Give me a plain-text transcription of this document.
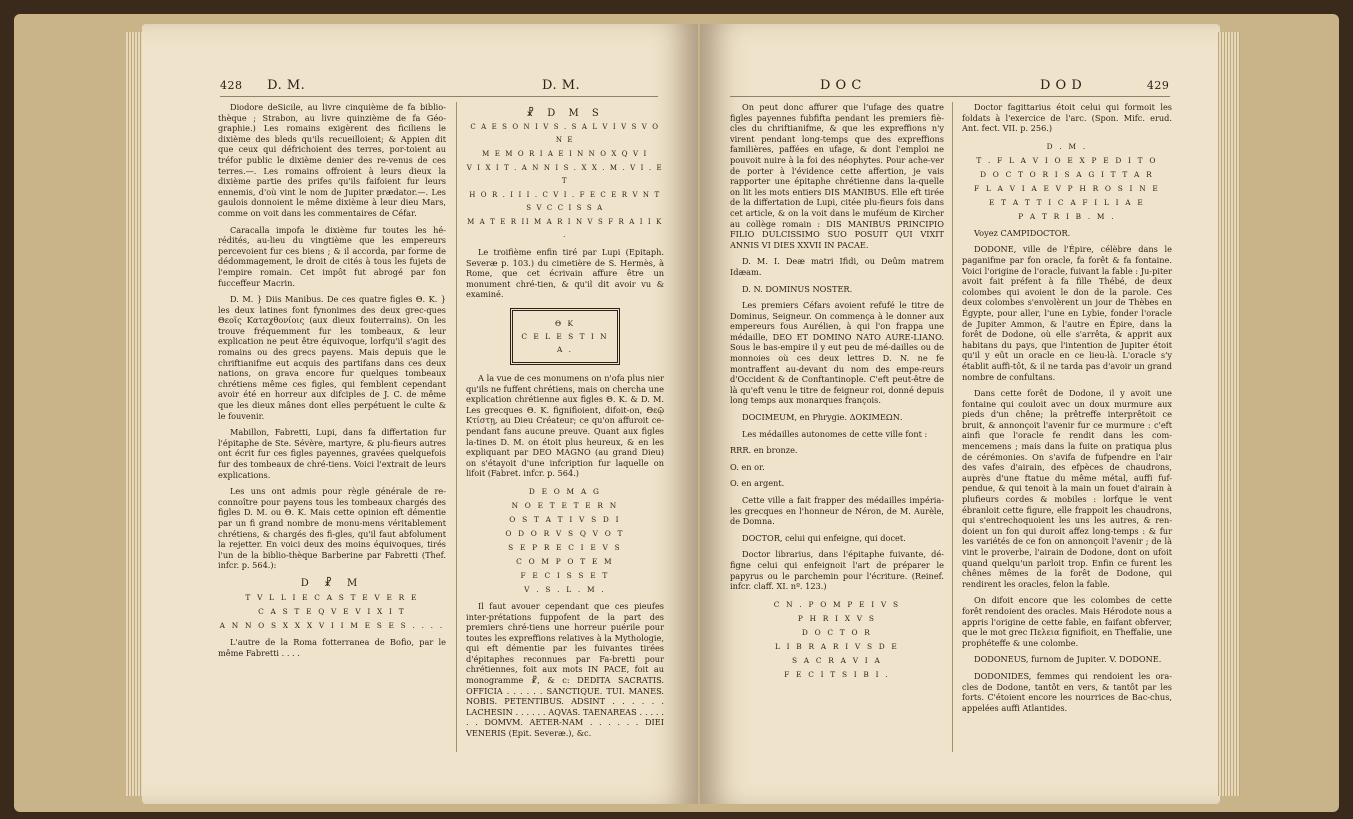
428 D. M.	D. M.

Diodore deSicile, au livre cinquième de fa biblio-thèque ; Strabon, au livre quinzième de fa Géo-graphie.) Les romains exigèrent des ficiliens le dixième des bleds qu'ils recueilloient; & Appien dit que ceux qui défrichoient des terres, por-toient au tréfor public le dixième denier des re-venus de ces terres.—. Les romains offroient à leurs dieux la dixième partie des prifes qu'ils faifoient fur leurs ennemis, d'où vint le nom de Jupiter prædator.—. Les gaulois donnoient le même dixième à leur dieu Mars, comme on voit dans les commentaires de Céfar.

Caracalla impofa le dixième fur toutes les hé-rédités, au-lieu du vingtième que les empereurs percevoient fur ces biens ; & il accorda, par forme de dédommagement, le droit de cités à tous les fujets de l'empire romain. Cet impôt fut abrogé par fon fucceffeur Macrin.

D. M. } Diis Manibus. De ces quatre figles Θ. K. } les deux latines font fynonimes des deux grec-ques Θεοῖς Καταχθονίοις (aux dieux fouterrains). On les trouve fréquemment fur les tombeaux, & leur explication ne peut être équivoque, lorfqu'il s'agit des romains ou des grecs payens. Mais depuis que le chriftianifme eut acquis des partifans dans ces deux nations, on grava encore fur quelques tombeaux chrétiens même ces figles, qui femblent cependant avoir été en horreur aux difciples de J. C. de même que les dieux mânes dont elles perpétuent le culte & le fouvenir.

Mabillon, Fabretti, Lupi, dans fa differtation fur l'épitaphe de Ste. Sévère, martyre, & plu-fieurs autres ont écrit fur ces figles payennes, gravées quelquefois fur des tombeaux de chré-tiens. Voici l'extrait de leurs explications.

Les uns ont admis pour règle générale de re-connoître pour payens tous les tombeaux chargés des figles D. M. ou Θ. K. Mais cette opinion eft démentie par un fi grand nombre de monu-mens véritablement chrétiens, & chargés des fi-gles, qu'il faut abfolument la rejetter. En voici deux des moins équivoques, tirés l'un de la biblio-thèque Barberine par Fabretti (Thef. infcr. p. 564.):

D ☧ M
T V L L I E C A S T E V E R E
C A S T E Q V E V I X I T
A N N O S X X X V I I M E S E S . . . .

L'autre de la Roma fotterranea de Bofio, par le même Fabretti . . . .

☧ D M S
C A E S O N I V S . S A L V I V S V O N E
M E M O R I A E I N N O X Q V I
V I X I T . A N N I S . X X . M . V I . E T
H O R . I I I . C V I . F E C E R V N T S V C C I S S A
M A T E R II M A R I N V S F R A I I K .

Le troifième enfin tiré par Lupi (Epitaph. Severæ p. 103.) du cimetière de S. Hermès, à Rome, que cet écrivain affure être un monument chré-tien, & qu'il dit avoir vu & examiné.

Θ K
C E L E S T I N A .

A la vue de ces monumens on n'ofa plus nier qu'ils ne fuffent chrétiens, mais on chercha une explication chrétienne aux figles Θ. K. & D. M. Les grecques Θ. K. fignifioient, difoit-on, Θεῷ Κτίστῃ, au Dieu Créateur; ce qu'on affuroit ce-pendant fans aucune preuve. Quant aux figles la-tines D. M. on étoit plus heureux, & en les expliquant par DEO MAGNO (au grand Dieu) on s'étayoit d'une infcription fur laquelle on lifoit (Fabret. infcr. p. 564.)

D E O M A G
N O E T E T E R N
O S T A T I V S D I
O D O R V S Q V O T
S E P R E C I E V S
C O M P O T E M
F E C I S S E T
V . S . L . M .

Il faut avouer cependant que ces pieufes inter-prétations fuppofent de la part des premiers chré-tiens une horreur puérile pour toutes les expreffions relatives à la Mythologie, qui eft démentie par les fuivantes tirées d'épitaphes reconnues par Fa-bretti pour chrétiennes, foit aux mots IN PACE, foit au monogramme ☧, & c: DEDITA SACRATIS. OFFICIA . . . . . . SANCTIQUE. TUI. MANES. NOBIS. PETENTIBUS. ADSINT . . . . . . LACHESIN . . . . . . AQVAS. TAENAREAS . . . . . . . DOMVM. AETER-NAM . . . . . . DIEI VENERIS (Epit. Severæ.), &c.

D O C	D O D	429

On peut donc affurer que l'ufage des quatre figles payennes fubfifta pendant les premiers fiè-cles du chriftianifme, & que les expreffions n'y virent pendant long-temps que des expreffions familières, paffées en ufage, & dont l'emploi ne pouvoit nuire à la foi des néophytes. Pour ache-ver de porter à l'évidence cette affertion, je vais rapporter une épitaphe chrétienne dans la-quelle on lit les mots entiers DIS MANIBUS. Elle eft tirée de la differtation de Lupi, citée plu-fieurs fois dans cet article, & on la voit dans le muféum de Kircher au collège romain : DIS MANIBUS PRINCIPIO FILIO DULCISSIMO SUO POSUIT QUI VIXIT ANNIS VI DIES XXVII IN PACAE.

D. M. I. Deæ matri Ifidi, ou Deûm matrem Idæam.

D. N. DOMINUS NOSTER.

Les premiers Céfars avoient refufé le titre de Dominus, Seigneur. On commença à le donner aux empereurs fous Aurélien, à qui l'on frappa une médaille, DEO ET DOMINO NATO AURE-LIANO. Sous le bas-empire il y eut peu de mé-dailles ou de monnoies où ces deux lettres D. N. ne fe montraffent au-devant du nom des empe-reurs d'Occident & de Conftantinople. C'eft peut-être de là qu'eft venu le titre de feigneur roi, donné depuis long temps aux monarques françois.

DOCIMEUM, en Phrygie. ΔΟΚΙΜΕΩΝ.

Les médailles autonomes de cette ville font :

RRR. en bronze.
O. en or.
O. en argent.

Cette ville a fait frapper des médailles impéria-les grecques en l'honneur de Néron, de M. Aurèle, de Domna.

DOCTOR, celui qui enfeigne, qui docet.

Doctor librarius, dans l'épitaphe fuivante, dé-figne celui qui enfeignoit l'art de préparer le papyrus ou le parchemin pour l'écriture. (Reinef. infcr. claff. XI. nº. 123.)

C N . P O M P E I V S
P H R I X V S
D O C T O R
L I B R A R I V S D E
S A C R A V I A
F E C I T S I B I .

Doctor fagittarius étoit celui qui formoit les foldats à l'exercice de l'arc. (Spon. Mifc. erud. Ant. fect. VII. p. 256.)

D . M .
T . F L A V I O E X P E D I T O
D O C T O R I S A G I T T A R
F L A V I A E V P H R O S I N E
E T A T T I C A F I L I A E
P A T R I B . M .

Voyez CAMPIDOCTOR.

DODONE, ville de l'Épire, célèbre dans le paganifme par fon oracle, fa forêt & fa fontaine. Voici l'origine de l'oracle, fuivant la fable : Ju-piter avoit fait préfent à fa fille Thébé, de deux colombes qui avoient le don de la parole. Ces deux colombes s'envolèrent un jour de Thèbes en Égypte, pour aller, l'une en Lybie, fonder l'oracle de Jupiter Ammon, & l'autre en Épire, dans la forêt de Dodone, où elle s'arrêta, & apprit aux habitans du pays, que l'intention de Jupiter étoit qu'il y eût un oracle en ce lieu-là. L'oracle s'y établit auffi-tôt, & il ne tarda pas d'avoir un grand nombre de confultans.

Dans cette forêt de Dodone, il y avoit une fontaine qui couloit avec un doux murmure aux pieds d'un chêne; la prêtreffe interprêtoit ce bruit, & annonçoit l'avenir fur ce murmure : c'eft ainfi que l'oracle fe rendit dans les com-mencemens ; mais dans la fuite on pratiqua plus de cérémonies. On s'avifa de fufpendre en l'air des vafes d'airain, des efpèces de chaudrons, auprès d'une ftatue du même métal, auffi fuf-pendue, & qui tenoit à la main un fouet d'airain à plufieurs cordes & mobiles : lorfque le vent ébranloit cette figure, elle frappoit les chaudrons, qui s'entrechoquoient les uns les autres, & ren-doient un fon qui duroit affez long-temps : & fur les variétés de ce fon on annonçoit l'avenir ; de là vint le proverbe, l'airain de Dodone, dont on ufoit quand quelqu'un parloit trop. Enfin ce furent les chênes mêmes de la forêt de Dodone, qui rendirent les oracles, felon la fable.

On difoit encore que les colombes de cette forêt rendoient des oracles. Mais Hérodote nous a appris l'origine de cette fable, en faifant obferver, que le mot grec Πελεια fignifioit, en Theffalie, une prophéteffe & une colombe.

DODONEUS, furnom de Jupiter. V. DODONE.

DODONIDES, femmes qui rendoient les ora-cles de Dodone, tantôt en vers, & tantôt par les forts. C'étoient encore les nourrices de Bac-chus, appelées auffi Atlantides.
